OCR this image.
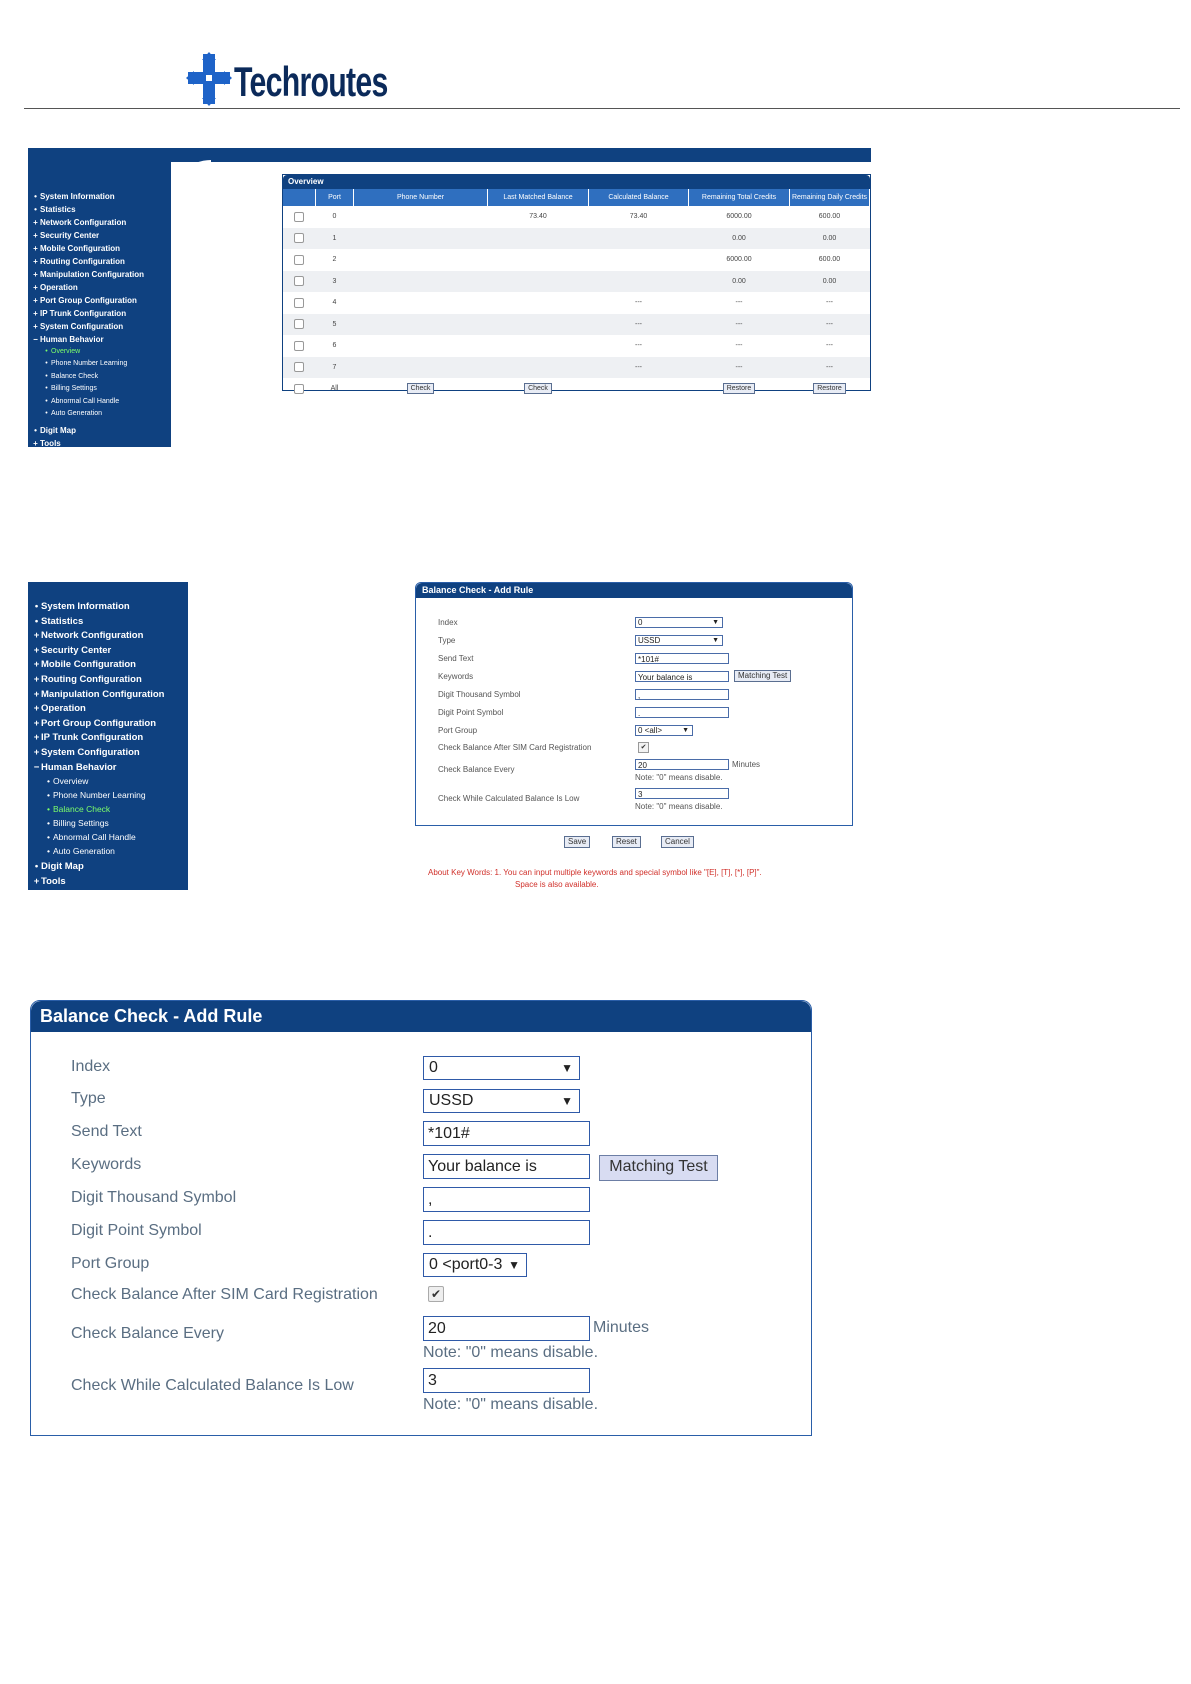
Techroutes
• System Information
• Statistics
+ Network Configuration
+ Security Center
+ Mobile Configuration
+ Routing Configuration
+ Manipulation Configuration
+ Operation
+ Port Group Configuration
+ IP Trunk Configuration
+ System Configuration
− Human Behavior
• Overview
• Phone Number Learning
• Balance Check
• Billing Settings
• Abnormal Call Handle
• Auto Generation
• Digit Map
+ Tools
Overview
	Port	Phone Number	Last Matched Balance	Calculated Balance	Remaining Total Credits	Remaining Daily Credits
	0		73.40	73.40	6000.00	600.00
	1				0.00	0.00
	2				6000.00	600.00
	3				0.00	0.00
	4			---	---	---
	5			---	---	---
	6			---	---	---
	7			---	---	---
	All	Check	Check		Restore	Restore
• System Information
• Statistics
+ Network Configuration
+ Security Center
+ Mobile Configuration
+ Routing Configuration
+ Manipulation Configuration
+ Operation
+ Port Group Configuration
+ IP Trunk Configuration
+ System Configuration
− Human Behavior
• Overview
• Phone Number Learning
• Balance Check
• Billing Settings
• Abnormal Call Handle
• Auto Generation
• Digit Map
+ Tools
Balance Check - Add Rule
Index	0	▼
Type	USSD	▼
Send Text	*101#
Keywords	Your balance is	Matching Test
Digit Thousand Symbol	,
Digit Point Symbol	.
Port Group	0 <all>	▼
Check Balance After SIM Card Registration	✔
Check Balance Every	20	Minutes
Note: "0" means disable.
Check While Calculated Balance Is Low	3
Note: "0" means disable.
Save	Reset	Cancel
About Key Words: 1. You can input multiple keywords and special symbol like "[E], [T], [*], [P]".
Space is also available.
Balance Check - Add Rule
Index	0	▼
Type	USSD	▼
Send Text	*101#
Keywords	Your balance is	Matching Test
Digit Thousand Symbol	,
Digit Point Symbol	.
Port Group	0 <port0-3 ▼
Check Balance After SIM Card Registration	✔
Check Balance Every	20	Minutes
Note: "0" means disable.
Check While Calculated Balance Is Low	3
Note: "0" means disable.
